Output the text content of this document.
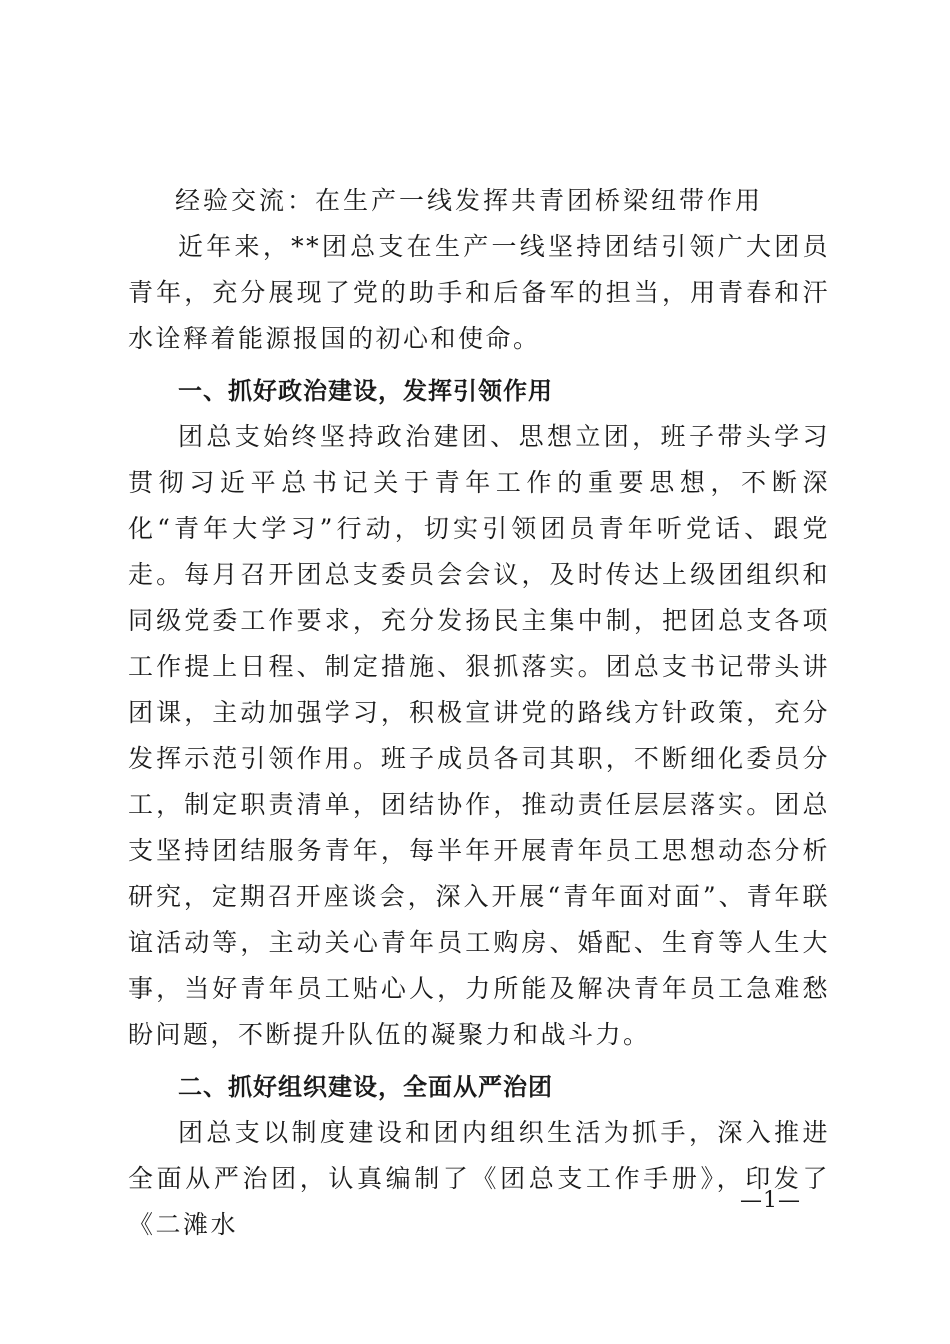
经验交流：在生产一线发挥共青团桥梁纽带作用

近年来，**团总支在生产一线坚持团结引领广大团员青年，充分展现了党的助手和后备军的担当，用青春和汗水诠释着能源报国的初心和使命。

一、抓好政治建设，发挥引领作用

团总支始终坚持政治建团、思想立团，班子带头学习贯彻习近平总书记关于青年工作的重要思想，不断深化“青年大学习”行动，切实引领团员青年听党话、跟党走。每月召开团总支委员会会议，及时传达上级团组织和同级党委工作要求，充分发扬民主集中制，把团总支各项工作提上日程、制定措施、狠抓落实。团总支书记带头讲团课，主动加强学习，积极宣讲党的路线方针政策，充分发挥示范引领作用。班子成员各司其职，不断细化委员分工，制定职责清单，团结协作，推动责任层层落实。团总支坚持团结服务青年，每半年开展青年员工思想动态分析研究，定期召开座谈会，深入开展“青年面对面”、青年联谊活动等，主动关心青年员工购房、婚配、生育等人生大事，当好青年员工贴心人，力所能及解决青年员工急难愁盼问题，不断提升队伍的凝聚力和战斗力。

二、抓好组织建设，全面从严治团

团总支以制度建设和团内组织生活为抓手，深入推进全面从严治团，认真编制了《团总支工作手册》，印发了《二滩水

—1—
